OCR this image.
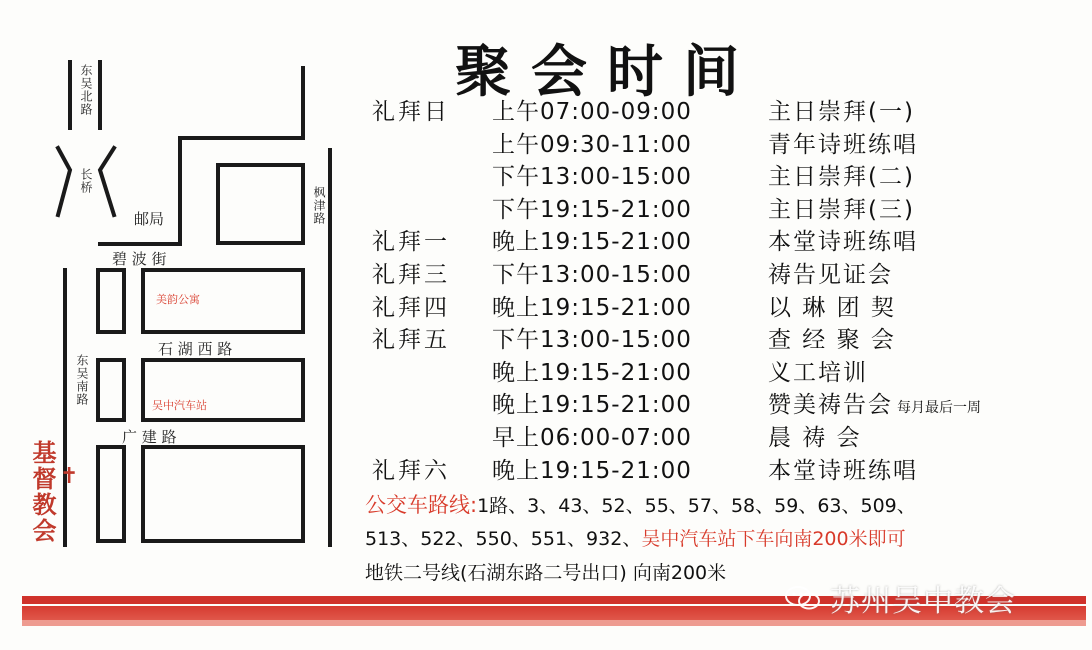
东吴北路
长桥
邮局	枫津路
碧 波 街
美韵公寓
石 湖 西 路
东吴南路	吴中汽车站
广 建 路
基督教会 ✝
聚会时间
礼拜日 上午07:00-09:00	主日崇拜(一)
上午09:30-11:00	青年诗班练唱
下午13:00-15:00	主日崇拜(二)
下午19:15-21:00	主日崇拜(三)
礼拜一 晚上19:15-21:00	本堂诗班练唱
礼拜三 下午13:00-15:00	祷告见证会
礼拜四 晚上19:15-21:00	以 琳 团 契
礼拜五 下午13:00-15:00	查 经 聚 会
晚上19:15-21:00	义工培训
晚上19:15-21:00	赞美祷告会 每月最后一周
早上06:00-07:00	晨 祷 会
礼拜六 晚上19:15-21:00	本堂诗班练唱
公交车路线:1路、3、43、52、55、57、58、59、63、509、
513、522、550、551、932、吴中汽车站下车向南200米即可
地铁二号线(石湖东路二号出口) 向南200米
苏州吴中教会
